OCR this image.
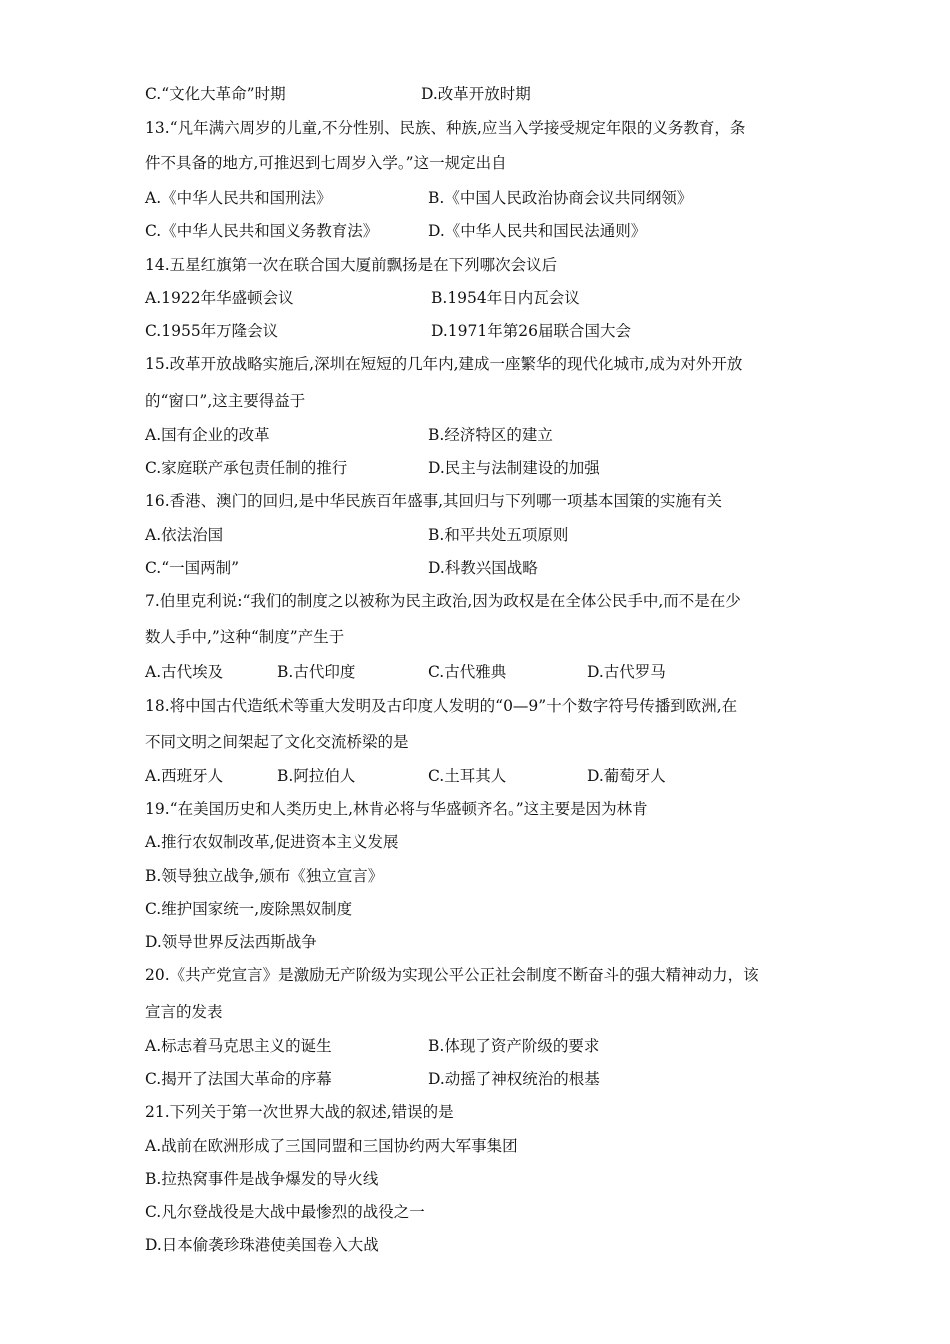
C.“文化大革命”时期	D.改革开放时期
13.“凡年满六周岁的儿童,不分性别、民族、种族,应当入学接受规定年限的义务教育，条
件不具备的地方,可推迟到七周岁入学。”这一规定出自
A.《中华人民共和国刑法》	B.《中国人民政治协商会议共同纲领》
C.《中华人民共和国义务教育法》	D.《中华人民共和国民法通则》
14.五星红旗第一次在联合国大厦前飘扬是在下列哪次会议后
A.1922年华盛顿会议	B.1954年日内瓦会议
C.1955年万隆会议	D.1971年第26届联合国大会
15.改革开放战略实施后,深圳在短短的几年内,建成一座繁华的现代化城市,成为对外开放
的“窗口”,这主要得益于
A.国有企业的改革	B.经济特区的建立
C.家庭联产承包责任制的推行	D.民主与法制建设的加强
16.香港、澳门的回归,是中华民族百年盛事,其回归与下列哪一项基本国策的实施有关
A.依法治国	B.和平共处五项原则
C.“一国两制”	D.科教兴国战略
7.伯里克利说:“我们的制度之以被称为民主政治,因为政权是在全体公民手中,而不是在少
数人手中,”这种“制度”产生于
A.古代埃及	B.古代印度	C.古代雅典	D.古代罗马
18.将中国古代造纸术等重大发明及古印度人发明的“0—9”十个数字符号传播到欧洲,在
不同文明之间架起了文化交流桥梁的是
A.西班牙人	B.阿拉伯人	C.土耳其人	D.葡萄牙人
19.“在美国历史和人类历史上,林肯必将与华盛顿齐名。”这主要是因为林肯
A.推行农奴制改革,促进资本主义发展
B.领导独立战争,颁布《独立宣言》
C.维护国家统一,废除黑奴制度
D.领导世界反法西斯战争
20.《共产党宣言》是激励无产阶级为实现公平公正社会制度不断奋斗的强大精神动力，该
宣言的发表
A.标志着马克思主义的诞生	B.体现了资产阶级的要求
C.揭开了法国大革命的序幕	D.动摇了神权统治的根基
21.下列关于第一次世界大战的叙述,错误的是
A.战前在欧洲形成了三国同盟和三国协约两大军事集团
B.拉热窝事件是战争爆发的导火线
C.凡尔登战役是大战中最惨烈的战役之一
D.日本偷袭珍珠港使美国卷入大战
